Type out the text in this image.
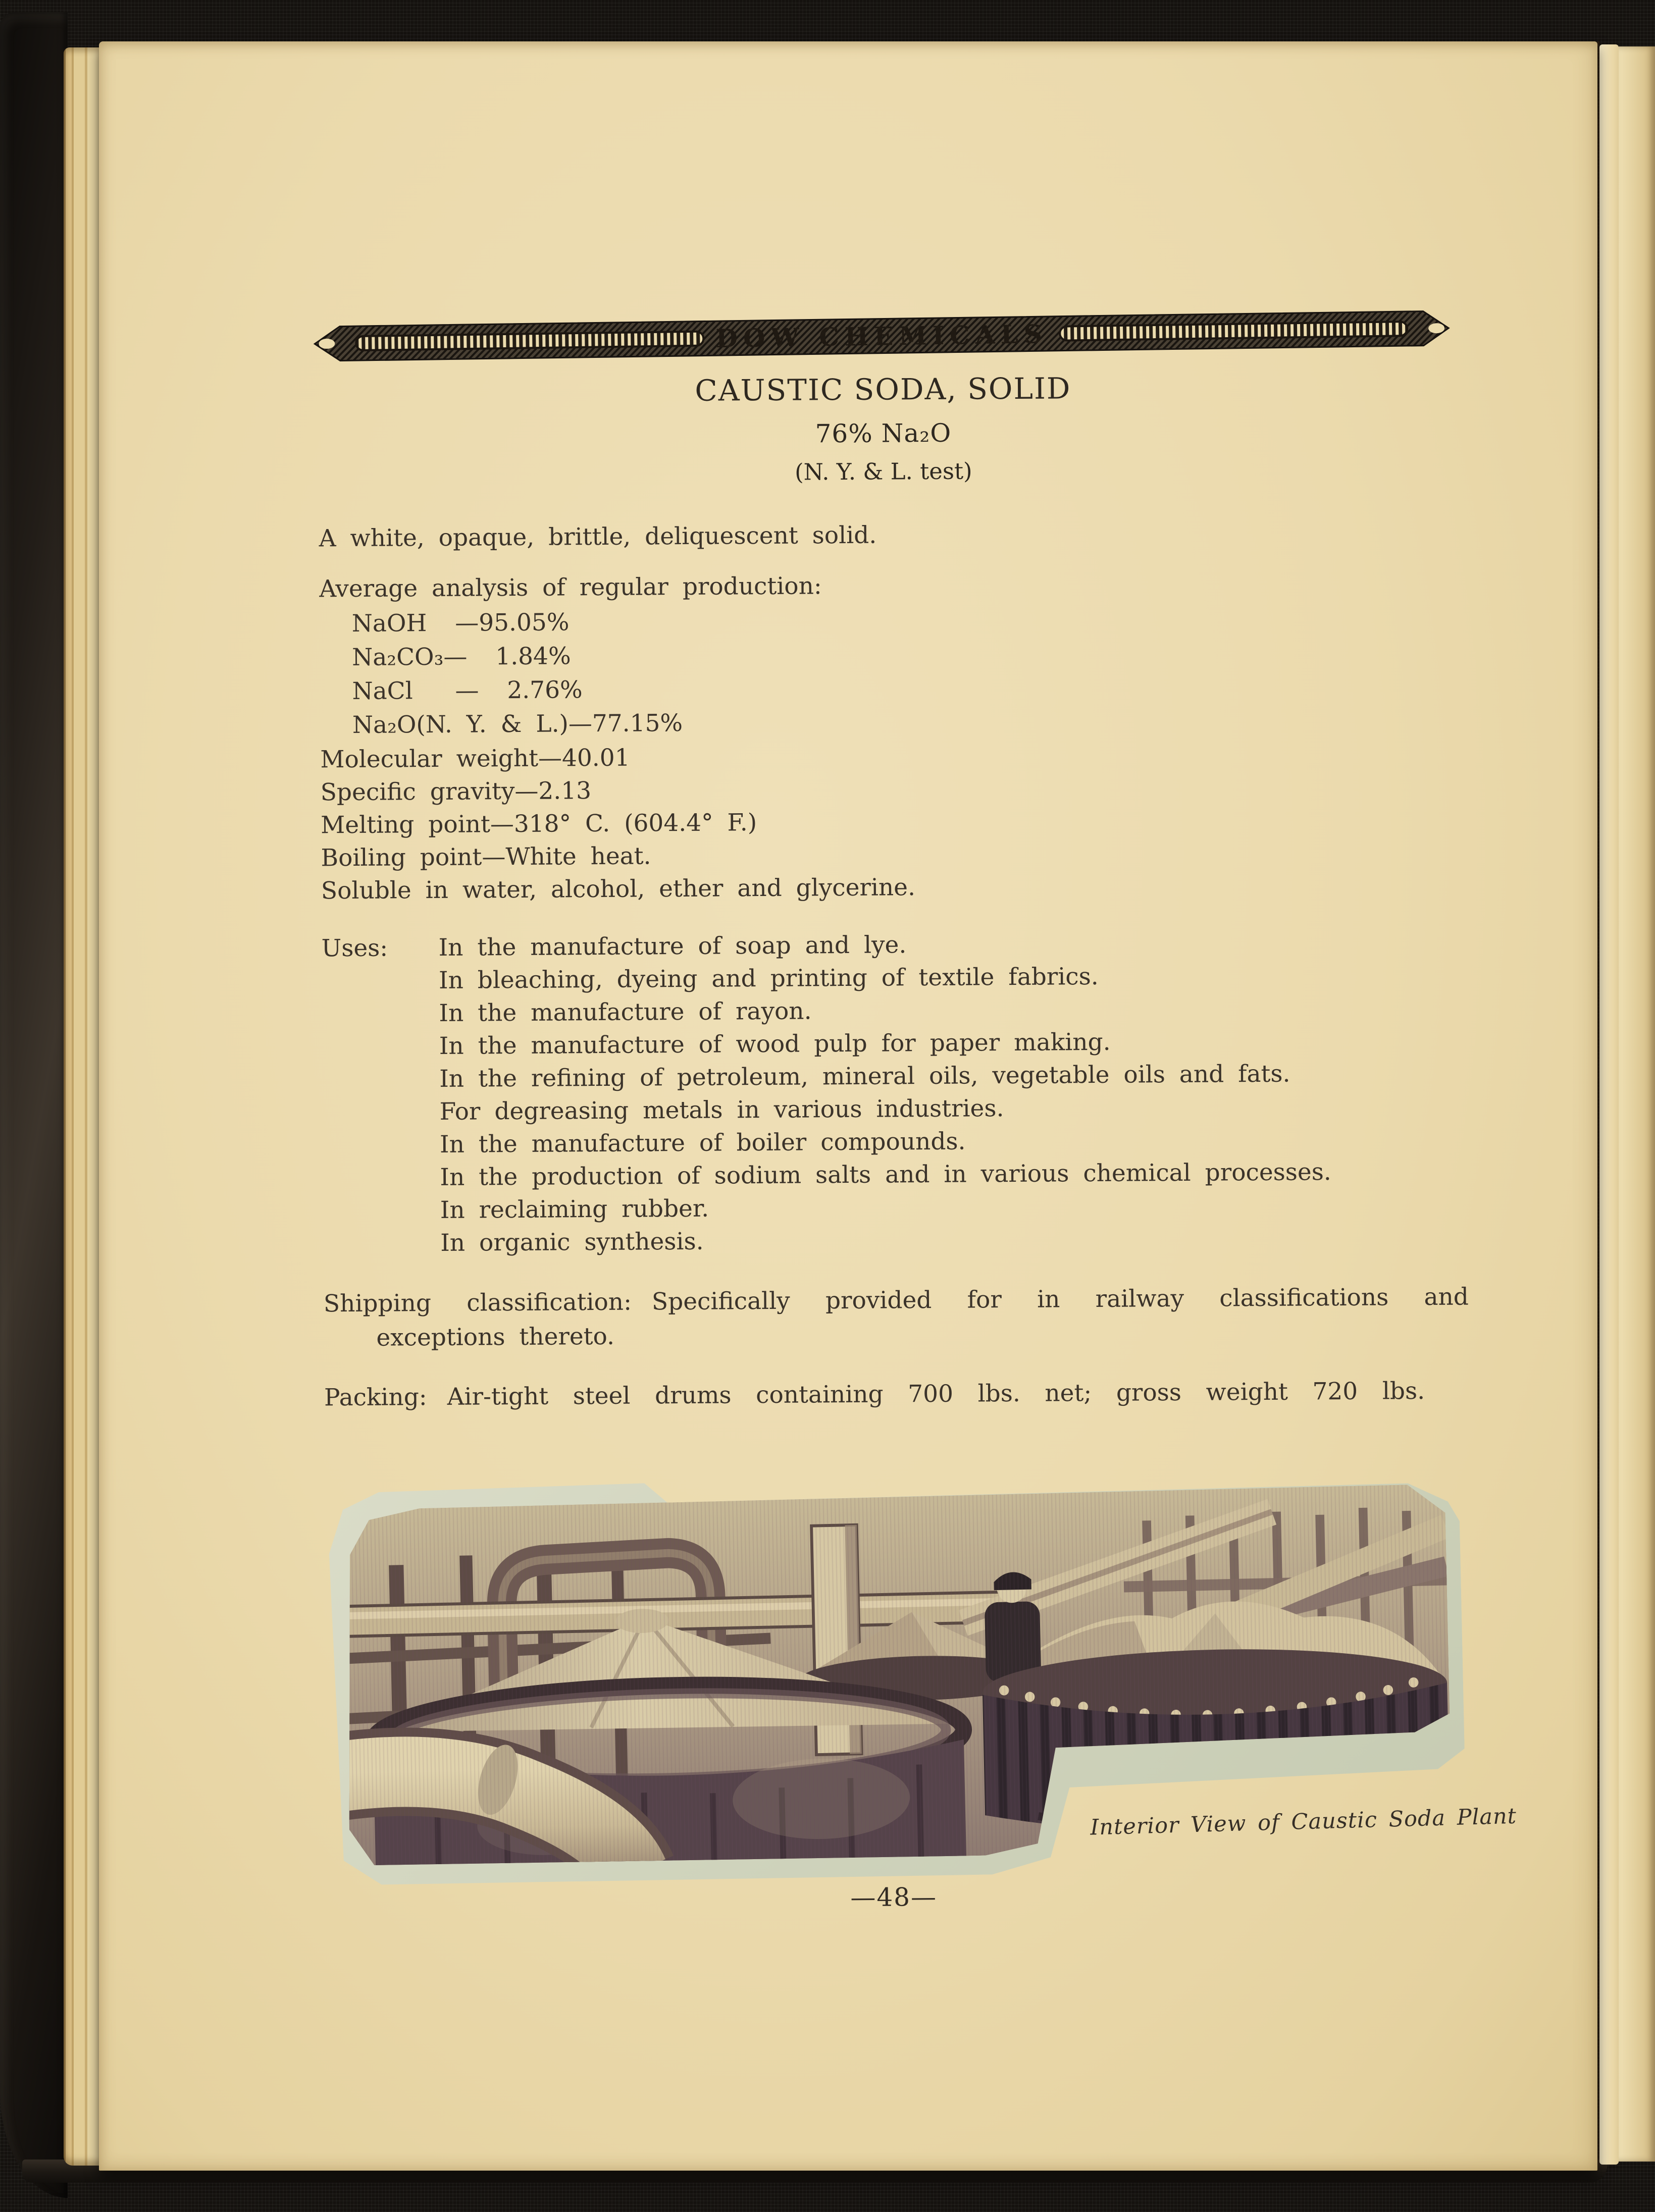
DOW CHEMICALS
CAUSTIC SODA, SOLID
76% Na₂O
(N. Y. & L. test)
A white, opaque, brittle, deliquescent solid.
Average analysis of regular production:
NaOH  —95.05%
Na₂CO₃—  1.84%
NaCl   —  2.76%
Na₂O(N. Y. & L.)—77.15%
Molecular weight—40.01
Specific gravity—2.13
Melting point—318° C. (604.4° F.)
Boiling point—White heat.
Soluble in water, alcohol, ether and glycerine.
Uses:	In the manufacture of soap and lye.
In bleaching, dyeing and printing of textile fabrics.
In the manufacture of rayon.
In the manufacture of wood pulp for paper making.
In the refining of petroleum, mineral oils, vegetable oils and fats.
For degreasing metals in various industries.
In the manufacture of boiler compounds.
In the production of sodium salts and in various chemical processes.
In reclaiming rubber.
In organic synthesis.
Shipping classification: Specifically provided for in railway classifications and
exceptions thereto.
Packing: Air-tight steel drums containing 700 lbs. net; gross weight 720 lbs.
Interior View of Caustic Soda Plant
—48—
